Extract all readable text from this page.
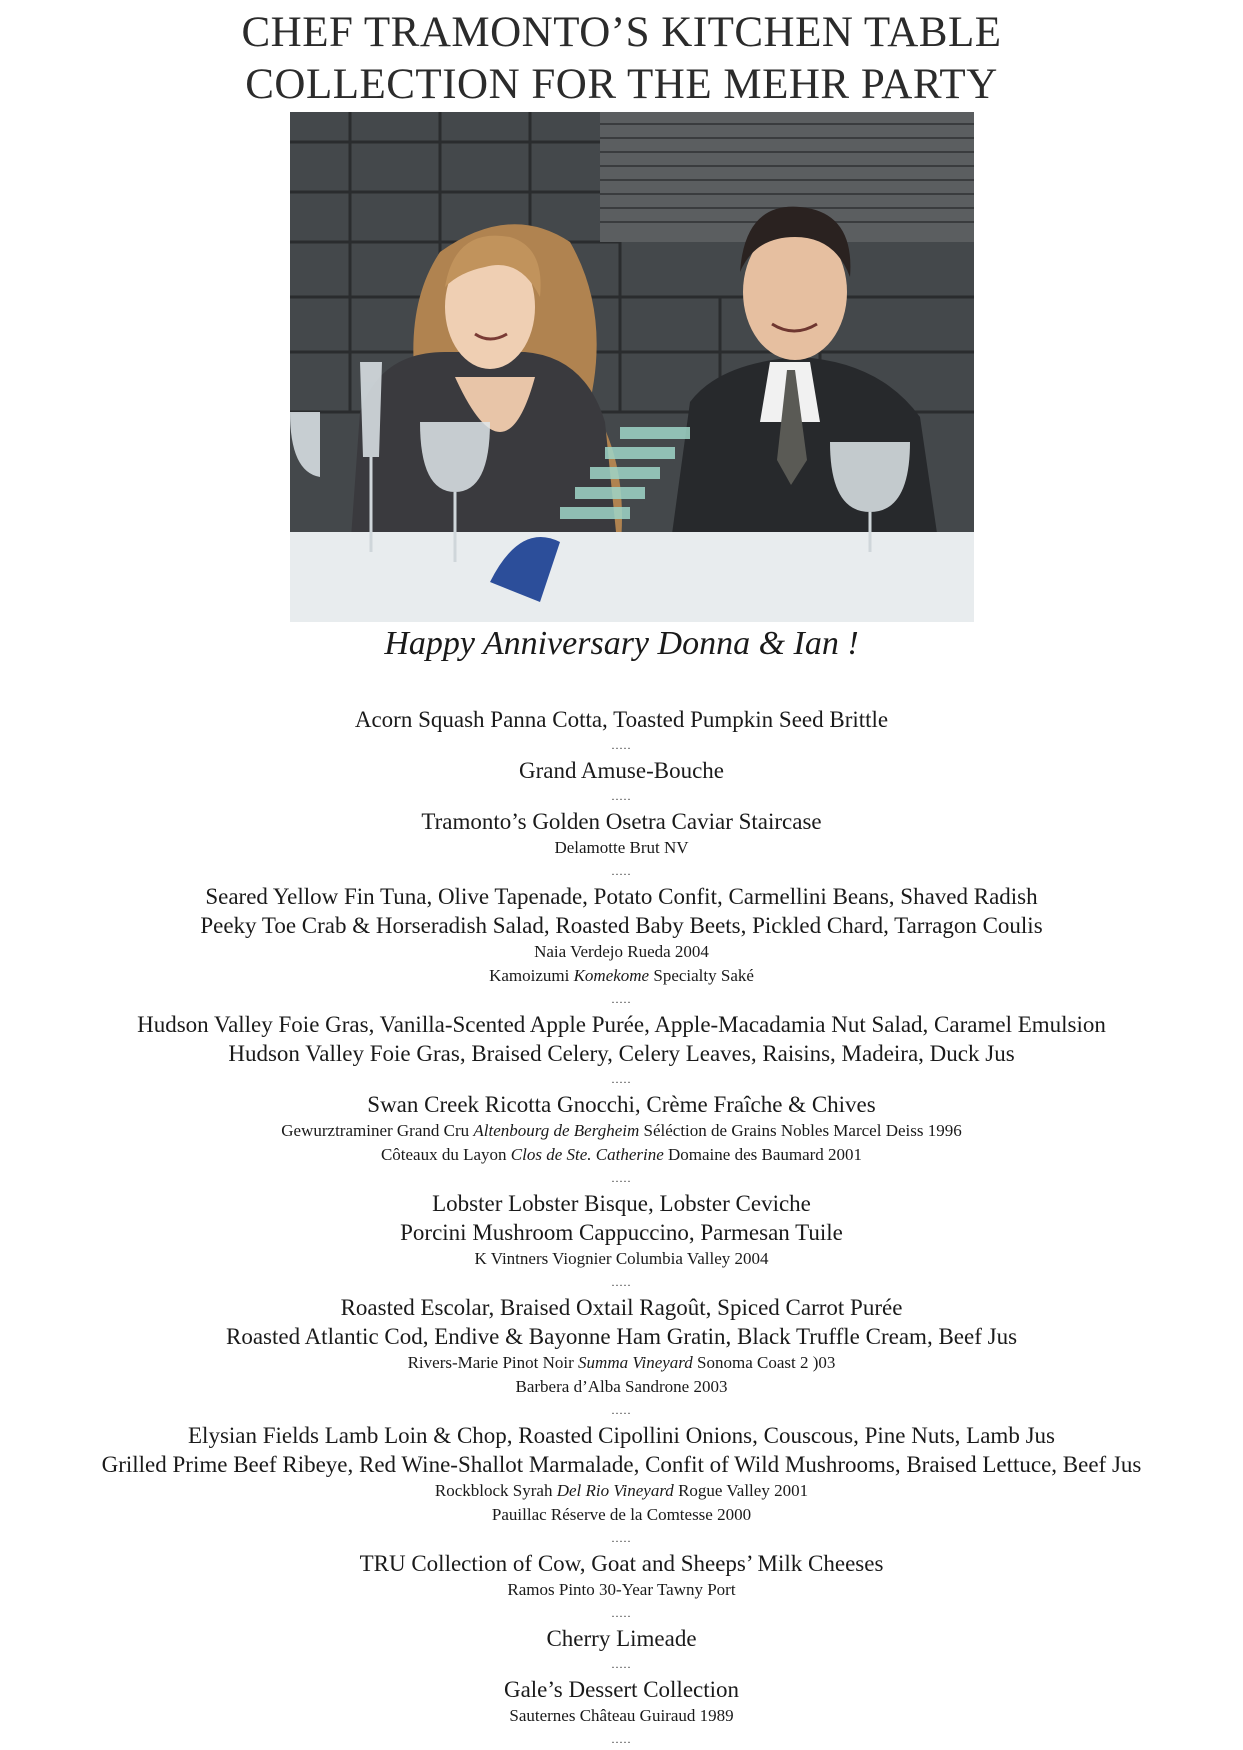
CHEF TRAMONTO’S KITCHEN TABLE
COLLECTION FOR THE MEHR PARTY
Happy Anniversary Donna & Ian !

Acorn Squash Panna Cotta, Toasted Pumpkin Seed Brittle

.....

Grand Amuse-Bouche

.....

Tramonto’s Golden Osetra Caviar Staircase

Delamotte Brut NV

.....

Seared Yellow Fin Tuna, Olive Tapenade, Potato Confit, Carmellini Beans, Shaved Radish

Peeky Toe Crab & Horseradish Salad, Roasted Baby Beets, Pickled Chard, Tarragon Coulis

Naia Verdejo Rueda 2004

Kamoizumi Komekome Specialty Saké

.....

Hudson Valley Foie Gras, Vanilla-Scented Apple Purée, Apple-Macadamia Nut Salad, Caramel Emulsion

Hudson Valley Foie Gras, Braised Celery, Celery Leaves, Raisins, Madeira, Duck Jus

.....

Swan Creek Ricotta Gnocchi, Crème Fraîche & Chives

Gewurztraminer Grand Cru Altenbourg de Bergheim Séléction de Grains Nobles Marcel Deiss 1996

Côteaux du Layon Clos de Ste. Catherine Domaine des Baumard 2001

.....

Lobster Lobster Bisque, Lobster Ceviche

Porcini Mushroom Cappuccino, Parmesan Tuile

K Vintners Viognier Columbia Valley 2004

.....

Roasted Escolar, Braised Oxtail Ragoût, Spiced Carrot Purée

Roasted Atlantic Cod, Endive & Bayonne Ham Gratin, Black Truffle Cream, Beef Jus

Rivers-Marie Pinot Noir Summa Vineyard Sonoma Coast 2 )03

Barbera d’Alba Sandrone 2003

.....

Elysian Fields Lamb Loin & Chop, Roasted Cipollini Onions, Couscous, Pine Nuts, Lamb Jus

Grilled Prime Beef Ribeye, Red Wine-Shallot Marmalade, Confit of Wild Mushrooms, Braised Lettuce, Beef Jus

Rockblock Syrah Del Rio Vineyard Rogue Valley 2001

Pauillac Réserve de la Comtesse 2000

.....

TRU Collection of Cow, Goat and Sheeps’ Milk Cheeses

Ramos Pinto 30-Year Tawny Port

.....

Cherry Limeade

.....

Gale’s Dessert Collection

Sauternes Château Guiraud 1989

.....
